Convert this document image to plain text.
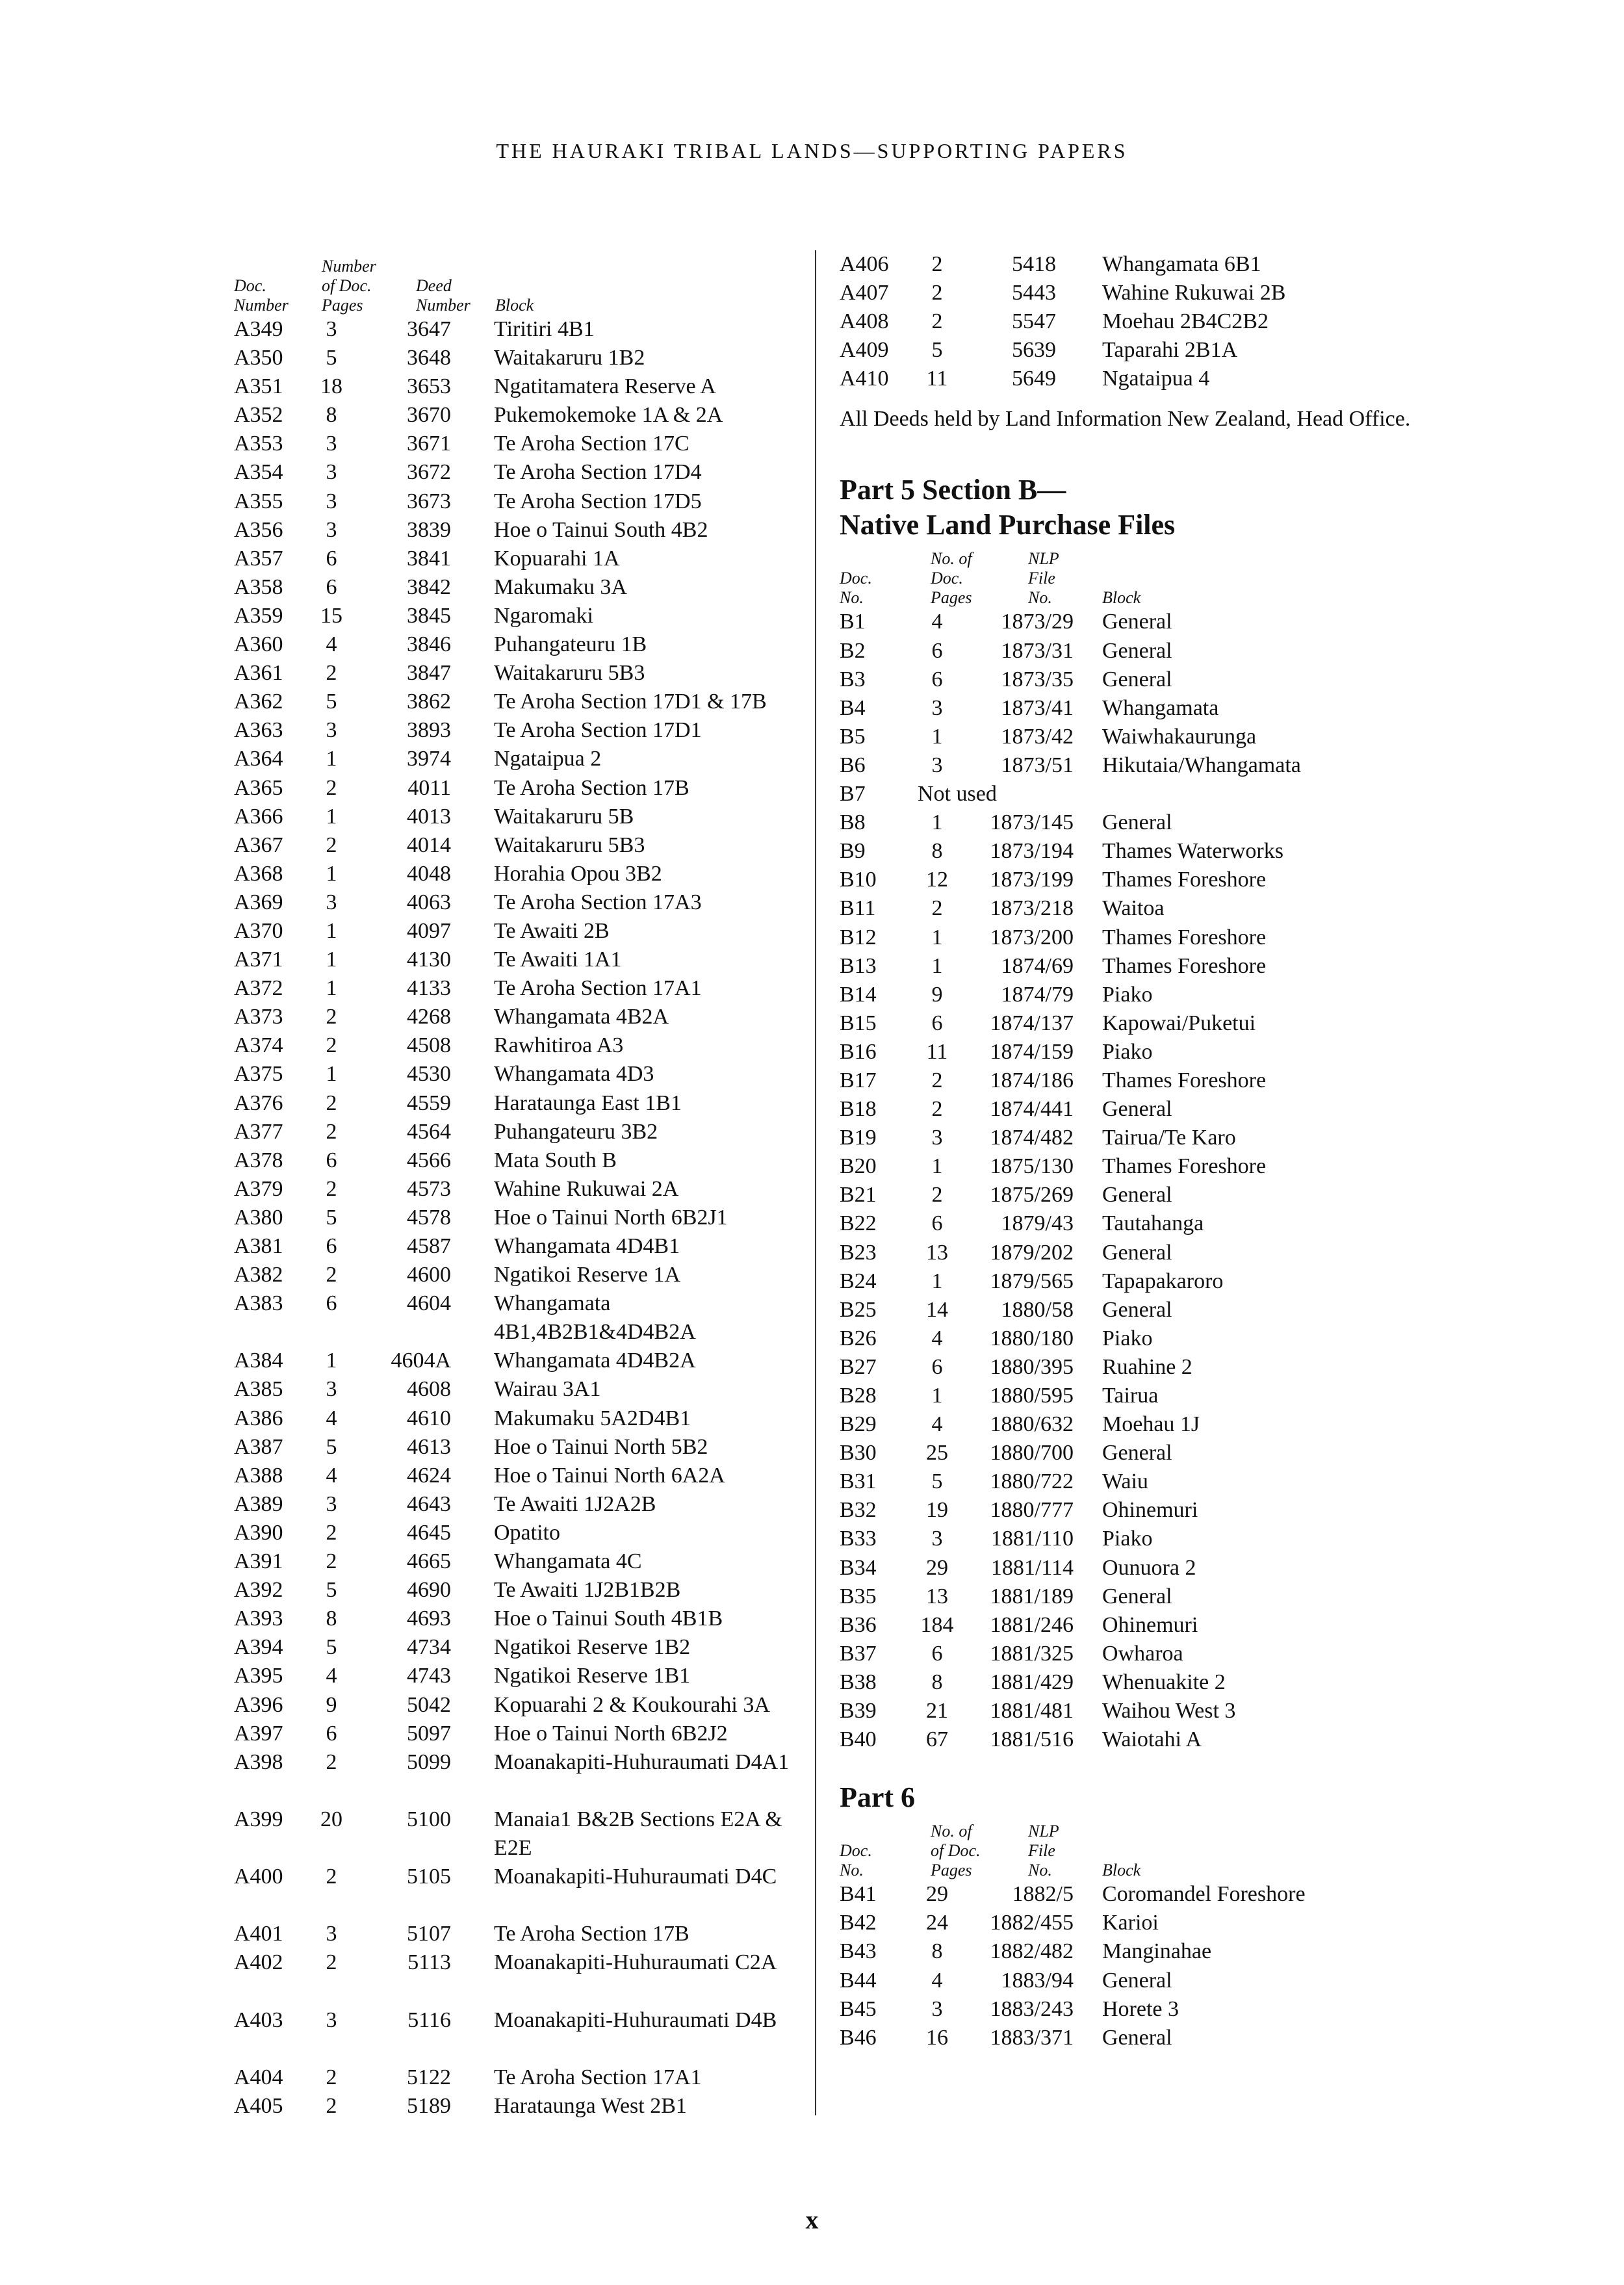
THE HAURAKI TRIBAL LANDS—SUPPORTING PAPERS
Doc.
Number
Number
of Doc.
Pages
Deed
Number Block
A349	3	3647 Tiritiri 4B1
A350	5	3648 Waitakaruru 1B2
A351	18	3653 Ngatitamatera Reserve A
A352	8	3670 Pukemokemoke 1A & 2A
A353	3	3671 Te Aroha Section 17C
A354	3	3672 Te Aroha Section 17D4
A355	3	3673 Te Aroha Section 17D5
A356	3	3839 Hoe o Tainui South 4B2
A357	6	3841 Kopuarahi 1A
A358	6	3842 Makumaku 3A
A359	15	3845 Ngaromaki
A360	4	3846 Puhangateuru 1B
A361	2	3847 Waitakaruru 5B3
A362	5	3862 Te Aroha Section 17D1 & 17B
A363	3	3893 Te Aroha Section 17D1
A364	1	3974 Ngataipua 2
A365	2	4011 Te Aroha Section 17B
A366	1	4013 Waitakaruru 5B
A367	2	4014 Waitakaruru 5B3
A368	1	4048 Horahia Opou 3B2
A369	3	4063 Te Aroha Section 17A3
A370	1	4097 Te Awaiti 2B
A371	1	4130 Te Awaiti 1A1
A372	1	4133 Te Aroha Section 17A1
A373	2	4268 Whangamata 4B2A
A374	2	4508 Rawhitiroa A3
A375	1	4530 Whangamata 4D3
A376	2	4559 Harataunga East 1B1
A377	2	4564 Puhangateuru 3B2
A378	6	4566 Mata South B
A379	2	4573 Wahine Rukuwai 2A
A380	5	4578 Hoe o Tainui North 6B2J1
A381	6	4587 Whangamata 4D4B1
A382	2	4600 Ngatikoi Reserve 1A
A383	6	4604 Whangamata 4B1,4B2B1&4D4B2A
A384	1	4604A Whangamata 4D4B2A
A385	3	4608 Wairau 3A1
A386	4	4610 Makumaku 5A2D4B1
A387	5	4613 Hoe o Tainui North 5B2
A388	4	4624 Hoe o Tainui North 6A2A
A389	3	4643 Te Awaiti 1J2A2B
A390	2	4645 Opatito
A391	2	4665 Whangamata 4C
A392	5	4690 Te Awaiti 1J2B1B2B
A393	8	4693 Hoe o Tainui South 4B1B
A394	5	4734 Ngatikoi Reserve 1B2
A395	4	4743 Ngatikoi Reserve 1B1
A396	9	5042 Kopuarahi 2 & Koukourahi 3A
A397	6	5097 Hoe o Tainui North 6B2J2
A398	2	5099 Moanakapiti-Huhuraumati D4A1
A399	20	5100 Manaia1 B&2B Sections E2A & E2E
A400	2	5105 Moanakapiti-Huhuraumati D4C
A401	3	5107 Te Aroha Section 17B
A402	2	5113 Moanakapiti-Huhuraumati C2A
A403	3	5116 Moanakapiti-Huhuraumati D4B
A404	2	5122 Te Aroha Section 17A1
A405	2	5189 Harataunga West 2B1
A406	2	5418 Whangamata 6B1
A407	2	5443 Wahine Rukuwai 2B
A408	2	5547 Moehau 2B4C2B2
A409	5	5639 Taparahi 2B1A
A410	11	5649 Ngataipua 4
All Deeds held by Land Information New Zealand, Head Office.
Part 5 Section B—
Native Land Purchase Files
Doc.
No.
No. of
Doc.
Pages
NLP
File
No.	Block
B1	4	1873/29 General
B2	6	1873/31 General
B3	6	1873/35 General
B4	3	1873/41 Whangamata
B5	1	1873/42 Waiwhakaurunga
B6	3	1873/51 Hikutaia/Whangamata
B7 Not used
B8	1	1873/145 General
B9	8	1873/194 Thames Waterworks
B10	12	1873/199 Thames Foreshore
B11	2	1873/218 Waitoa
B12	1	1873/200 Thames Foreshore
B13	1	1874/69 Thames Foreshore
B14	9	1874/79 Piako
B15	6	1874/137 Kapowai/Puketui
B16	11	1874/159 Piako
B17	2	1874/186 Thames Foreshore
B18	2	1874/441 General
B19	3	1874/482 Tairua/Te Karo
B20	1	1875/130 Thames Foreshore
B21	2	1875/269 General
B22	6	1879/43 Tautahanga
B23	13	1879/202 General
B24	1	1879/565 Tapapakaroro
B25	14	1880/58 General
B26	4	1880/180 Piako
B27	6	1880/395 Ruahine 2
B28	1	1880/595 Tairua
B29	4	1880/632 Moehau 1J
B30	25	1880/700 General
B31	5	1880/722 Waiu
B32	19	1880/777 Ohinemuri
B33	3	1881/110 Piako
B34	29	1881/114 Ounuora 2
B35	13	1881/189 General
B36 184	1881/246 Ohinemuri
B37	6	1881/325 Owharoa
B38	8	1881/429 Whenuakite 2
B39	21	1881/481 Waihou West 3
B40	67	1881/516 Waiotahi A
Part 6
Doc.
No.
No. of
of Doc.
Pages
NLP
File
No.	Block
B41	29	1882/5 Coromandel Foreshore
B42	24	1882/455 Karioi
B43	8	1882/482 Manginahae
B44	4	1883/94 General
B45	3	1883/243 Horete 3
B46	16	1883/371 General
x
